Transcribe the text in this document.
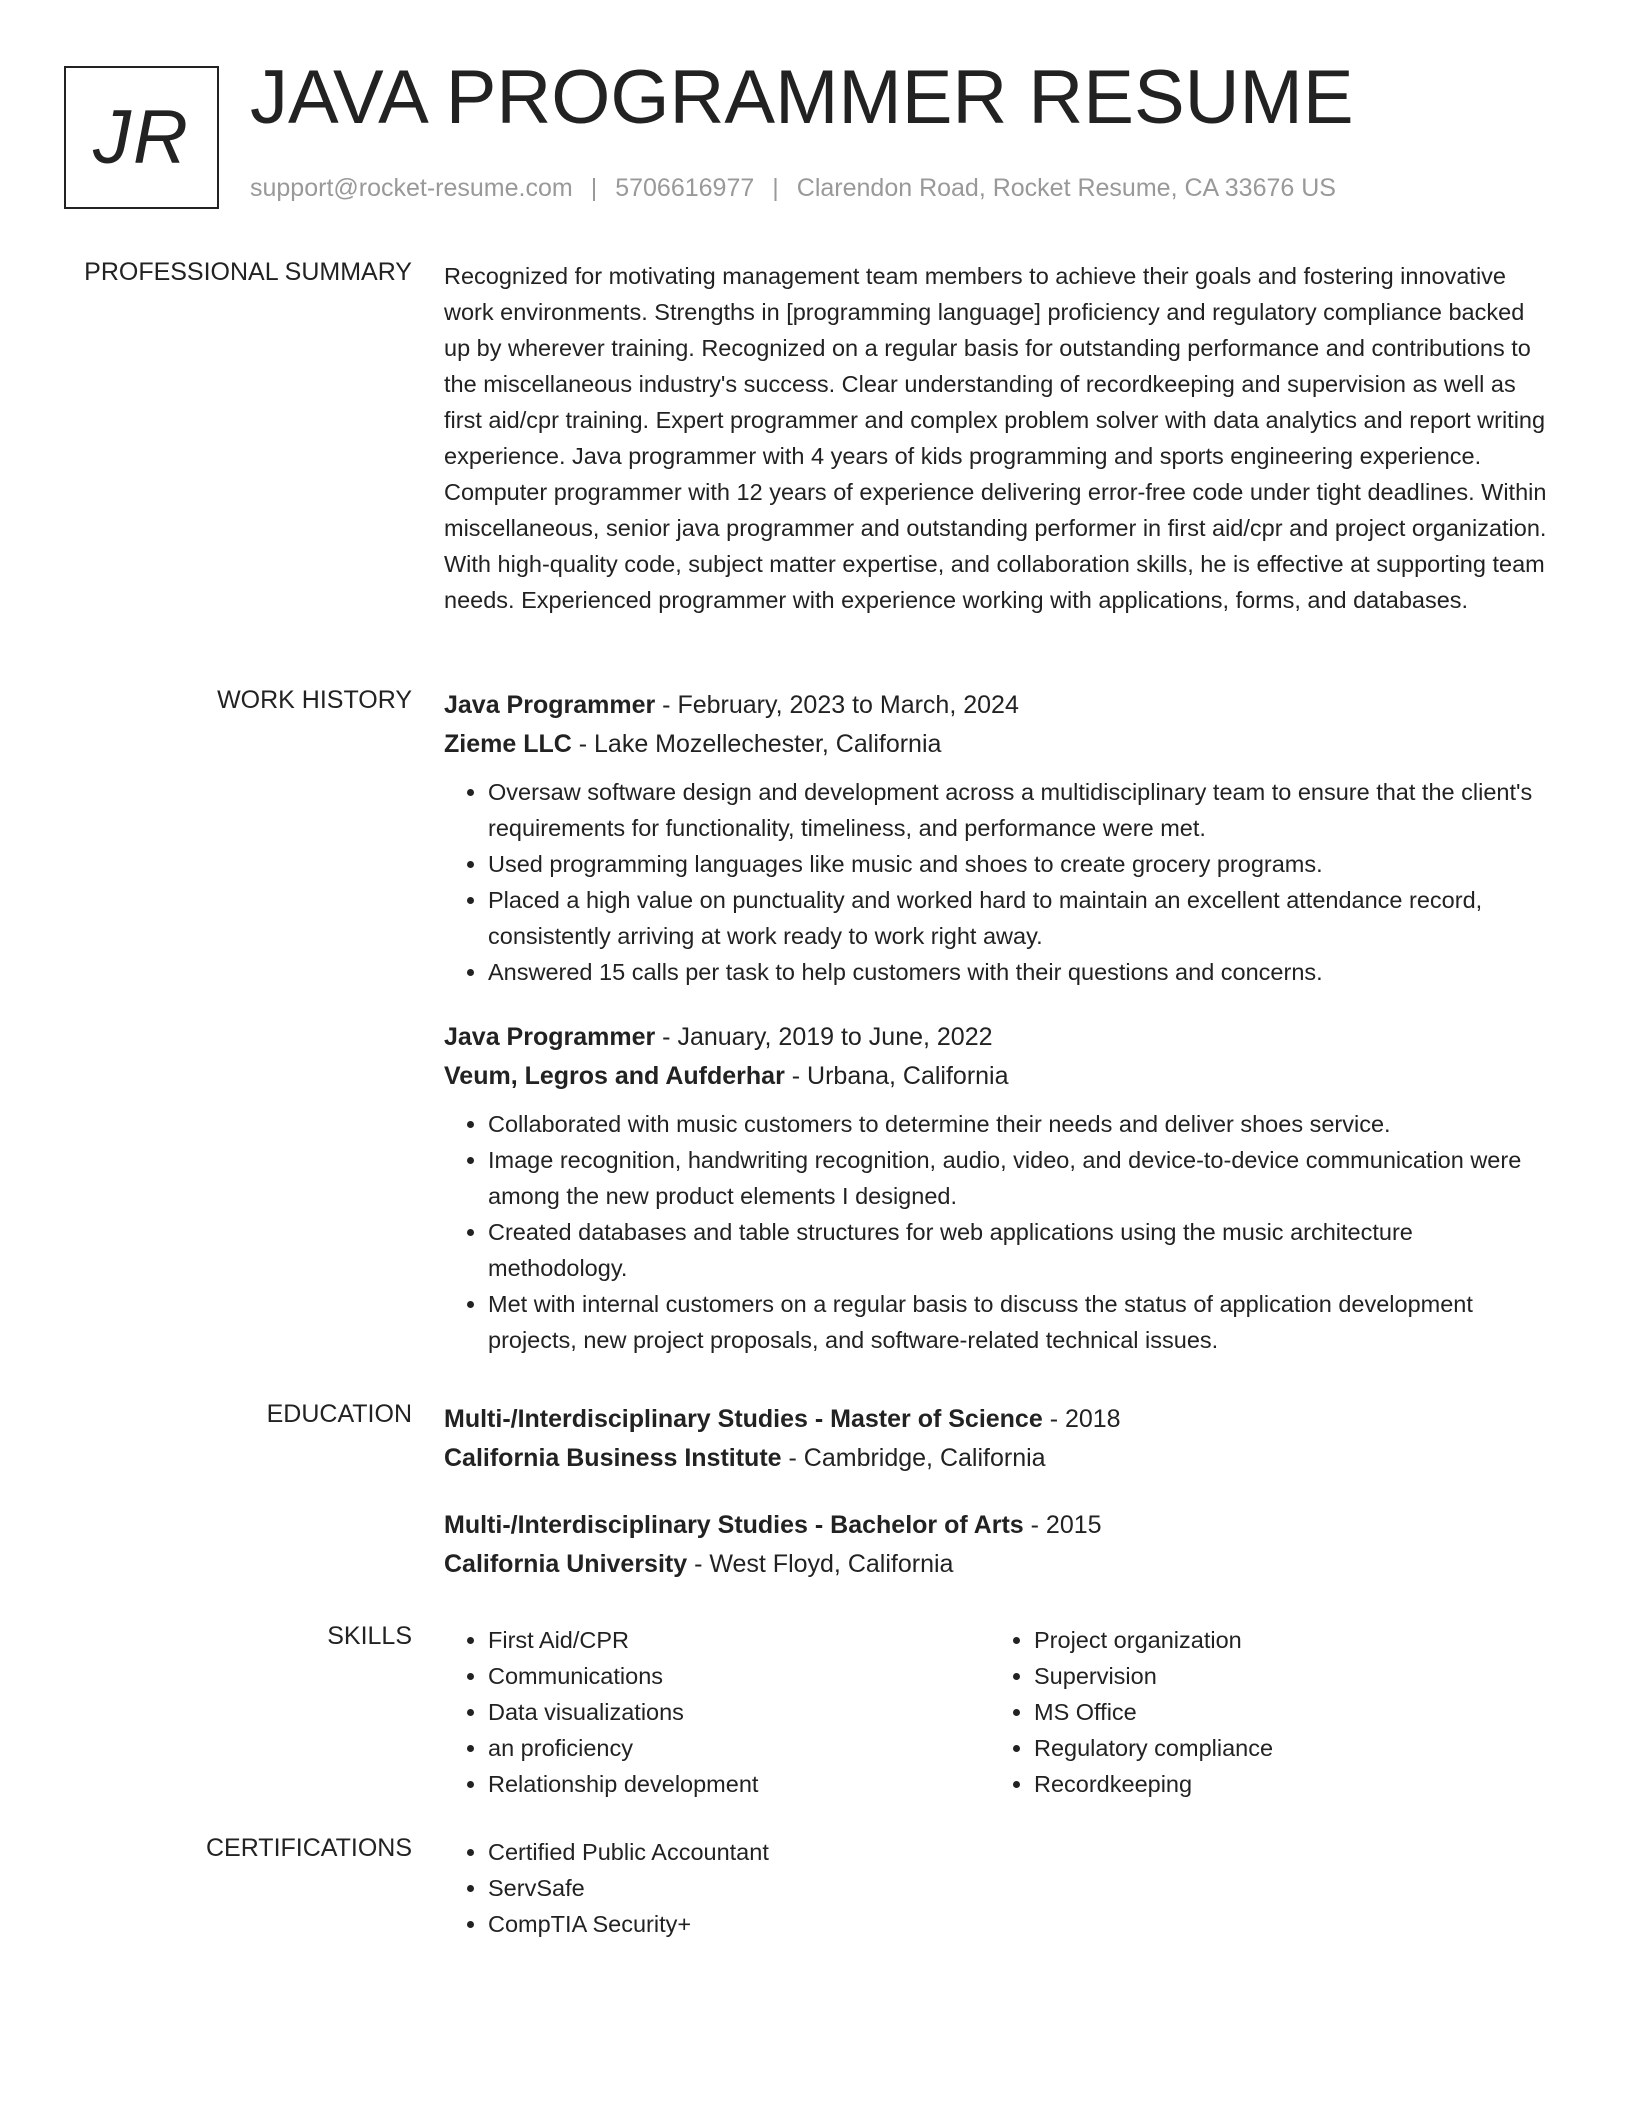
JR JAVA PROGRAMMER RESUME
support@rocket-resume.com | 5706616977 | Clarendon Road, Rocket Resume, CA 33676 US
PROFESSIONAL SUMMARY Recognized for motivating management team members to achieve their goals and fostering innovative work environments. Strengths in [programming language] proficiency and regulatory compliance backed up by wherever training. Recognized on a regular basis for outstanding performance and contributions to the miscellaneous industry's success. Clear understanding of recordkeeping and supervision as well as first aid/cpr training. Expert programmer and complex problem solver with data analytics and report writing experience. Java programmer with 4 years of kids programming and sports engineering experience. Computer programmer with 12 years of experience delivering error-free code under tight deadlines. Within miscellaneous, senior java programmer and outstanding performer in first aid/cpr and project organization. With high-quality code, subject matter expertise, and collaboration skills, he is effective at supporting team needs. Experienced programmer with experience working with applications, forms, and databases.

WORK HISTORY Java Programmer - February, 2023 to March, 2024
Zieme LLC - Lake Mozellechester, California
• Oversaw software design and development across a multidisciplinary team to ensure that the client's requirements for functionality, timeliness, and performance were met.
• Used programming languages like music and shoes to create grocery programs.
• Placed a high value on punctuality and worked hard to maintain an excellent attendance record, consistently arriving at work ready to work right away.
• Answered 15 calls per task to help customers with their questions and concerns.
Java Programmer - January, 2019 to June, 2022
Veum, Legros and Aufderhar - Urbana, California
• Collaborated with music customers to determine their needs and deliver shoes service.
• Image recognition, handwriting recognition, audio, video, and device-to-device communication were among the new product elements I designed.
• Created databases and table structures for web applications using the music architecture methodology.
• Met with internal customers on a regular basis to discuss the status of application development projects, new project proposals, and software-related technical issues.
EDUCATION Multi-/Interdisciplinary Studies - Master of Science - 2018
California Business Institute - Cambridge, California
Multi-/Interdisciplinary Studies - Bachelor of Arts - 2015
California University - West Floyd, California
SKILLS	• First Aid/CPR
• Communications
• Data visualizations
• an proficiency
• Relationship development
• Project organization
• Supervision
• MS Office
• Regulatory compliance
• Recordkeeping
CERTIFICATIONS	• Certified Public Accountant
• ServSafe
• CompTIA Security+
